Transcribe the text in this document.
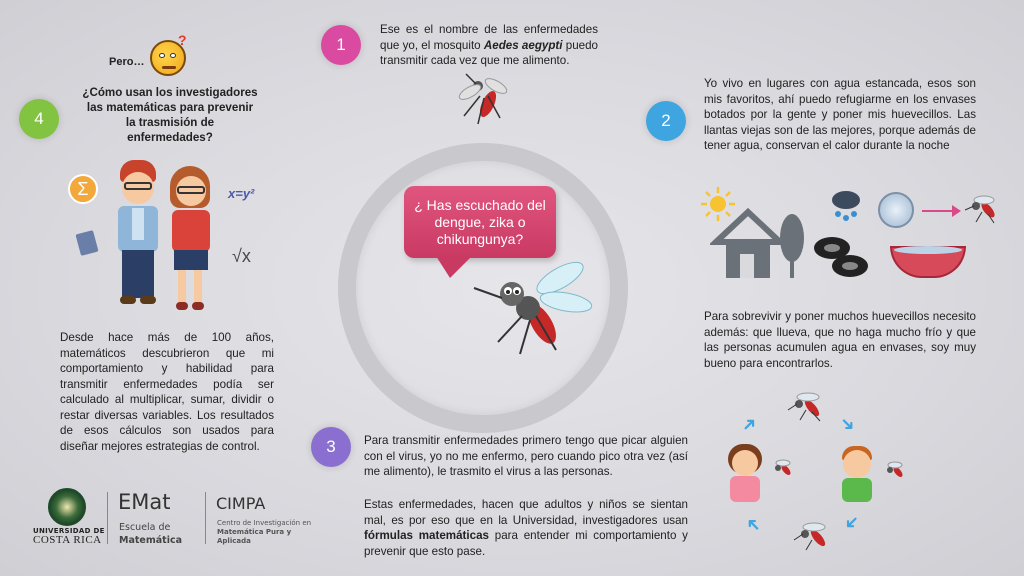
4
Pero…
?
¿Cómo usan los investigadores las matemáticas para prevenir la trasmisión de enfermedades?
Σ	x=y²
√x
Desde hace más de 100 años, matemáticos descubrieron que mi comportamiento y habilidad para transmitir enfermedades podía ser calculado al multiplicar, sumar, dividir o restar diversas variables. Los resultados de esos cálculos son usados para diseñar mejores estrategias de control.
UNIVERSIDAD DE
COSTA RICA
EMat
Escuela de
Matemática
CIMPA
Centro de Investigación en
Matemática Pura y
Aplicada
1
Ese es el nombre de las enfermedades que yo, el mosquito Aedes aegypti puedo transmitir cada vez que me alimento.
¿ Has escuchado del dengue, zika o chikungunya?
2
Yo vivo en lugares con agua estancada, esos son mis favoritos, ahí puedo refugiarme en los envases botados por la gente y poner mis huevecillos. Las llantas viejas son de las mejores, porque además de tener agua, conservan el calor durante la noche
Para sobrevivir y poner muchos huevecillos necesito además: que llueva, que no haga mucho frío y que las personas acumulen agua en envases, soy muy bueno para encontrarlos.
3	Para transmitir enfermedades primero tengo que picar alguien con el virus, yo no me enfermo, pero cuando pico otra vez (así me alimento), le trasmito el virus a las personas.
Estas enfermedades, hacen que adultos y niños se sientan mal, es por eso que en la Universidad, investigadores usan fórmulas matemáticas para entender mi comportamiento y prevenir que esto pase.
➜	➜
➜
➜
